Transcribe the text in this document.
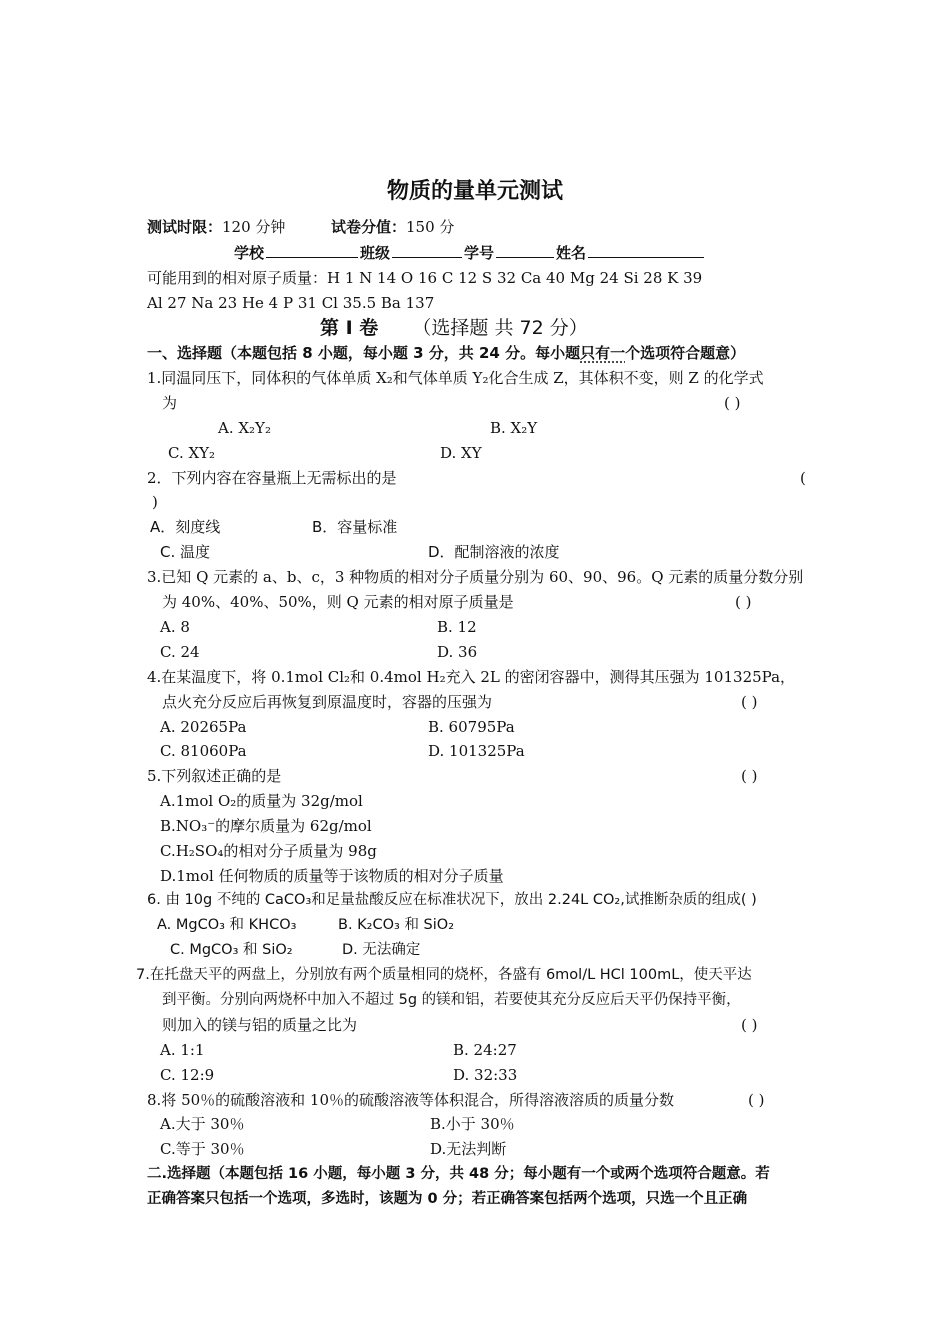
物质的量单元测试
测试时限：120 分钟	试卷分值：150 分
学校	班级	学号	姓名
可能用到的相对原子质量：H 1 N 14 O 16 C 12 S 32 Ca 40 Mg 24 Si 28 K 39
Al 27 Na 23 He 4 P 31 Cl 35.5 Ba 137
第 I 卷 （选择题 共 72 分）
一、选择题（本题包括 8 小题，每小题 3 分，共 24 分。每小题只有一个选项符合题意）
1.同温同压下，同体积的气体单质 X₂和气体单质 Y₂化合生成 Z，其体积不变，则 Z 的化学式
为	( )
A. X₂Y₂	B. X₂Y
C. XY₂	D. XY
2．下列内容在容量瓶上无需标出的是	(
)
A．刻度线	B．容量标准
C. 温度	D．配制溶液的浓度
3.已知 Q 元素的 a、b、c，3 种物质的相对分子质量分别为 60、90、96。Q 元素的质量分数分别
为 40%、40%、50%，则 Q 元素的相对原子质量是	( )
A. 8	B. 12
C. 24	D. 36
4.在某温度下，将 0.1mol Cl₂和 0.4mol H₂充入 2L 的密闭容器中，测得其压强为 101325Pa，
点火充分反应后再恢复到原温度时，容器的压强为	( )
A. 20265Pa	B. 60795Pa
C. 81060Pa	D. 101325Pa
5.下列叙述正确的是	( )
A.1mol O₂的质量为 32g/mol
B.NO₃⁻的摩尔质量为 62g/mol
C.H₂SO₄的相对分子质量为 98g
D.1mol 任何物质的质量等于该物质的相对分子质量
6. 由 10g 不纯的 CaCO₃和足量盐酸反应在标准状况下，放出 2.24L CO₂,试推断杂质的组成( )
A. MgCO₃ 和 KHCO₃	B. K₂CO₃ 和 SiO₂
C. MgCO₃ 和 SiO₂	D. 无法确定
7.在托盘天平的两盘上，分别放有两个质量相同的烧杯，各盛有 6mol/L HCl 100mL，使天平达
到平衡。分别向两烧杯中加入不超过 5g 的镁和铝，若要使其充分反应后天平仍保持平衡，
则加入的镁与铝的质量之比为	( )
A. 1:1	B. 24:27
C. 12:9	D. 32:33
8.将 50％的硫酸溶液和 10％的硫酸溶液等体积混合，所得溶液溶质的质量分数	( )
A.大于 30％	B.小于 30％
C.等于 30％	D.无法判断
二.选择题（本题包括 16 小题，每小题 3 分，共 48 分；每小题有一个或两个选项符合题意。若
正确答案只包括一个选项，多选时，该题为 0 分；若正确答案包括两个选项，只选一个且正确
